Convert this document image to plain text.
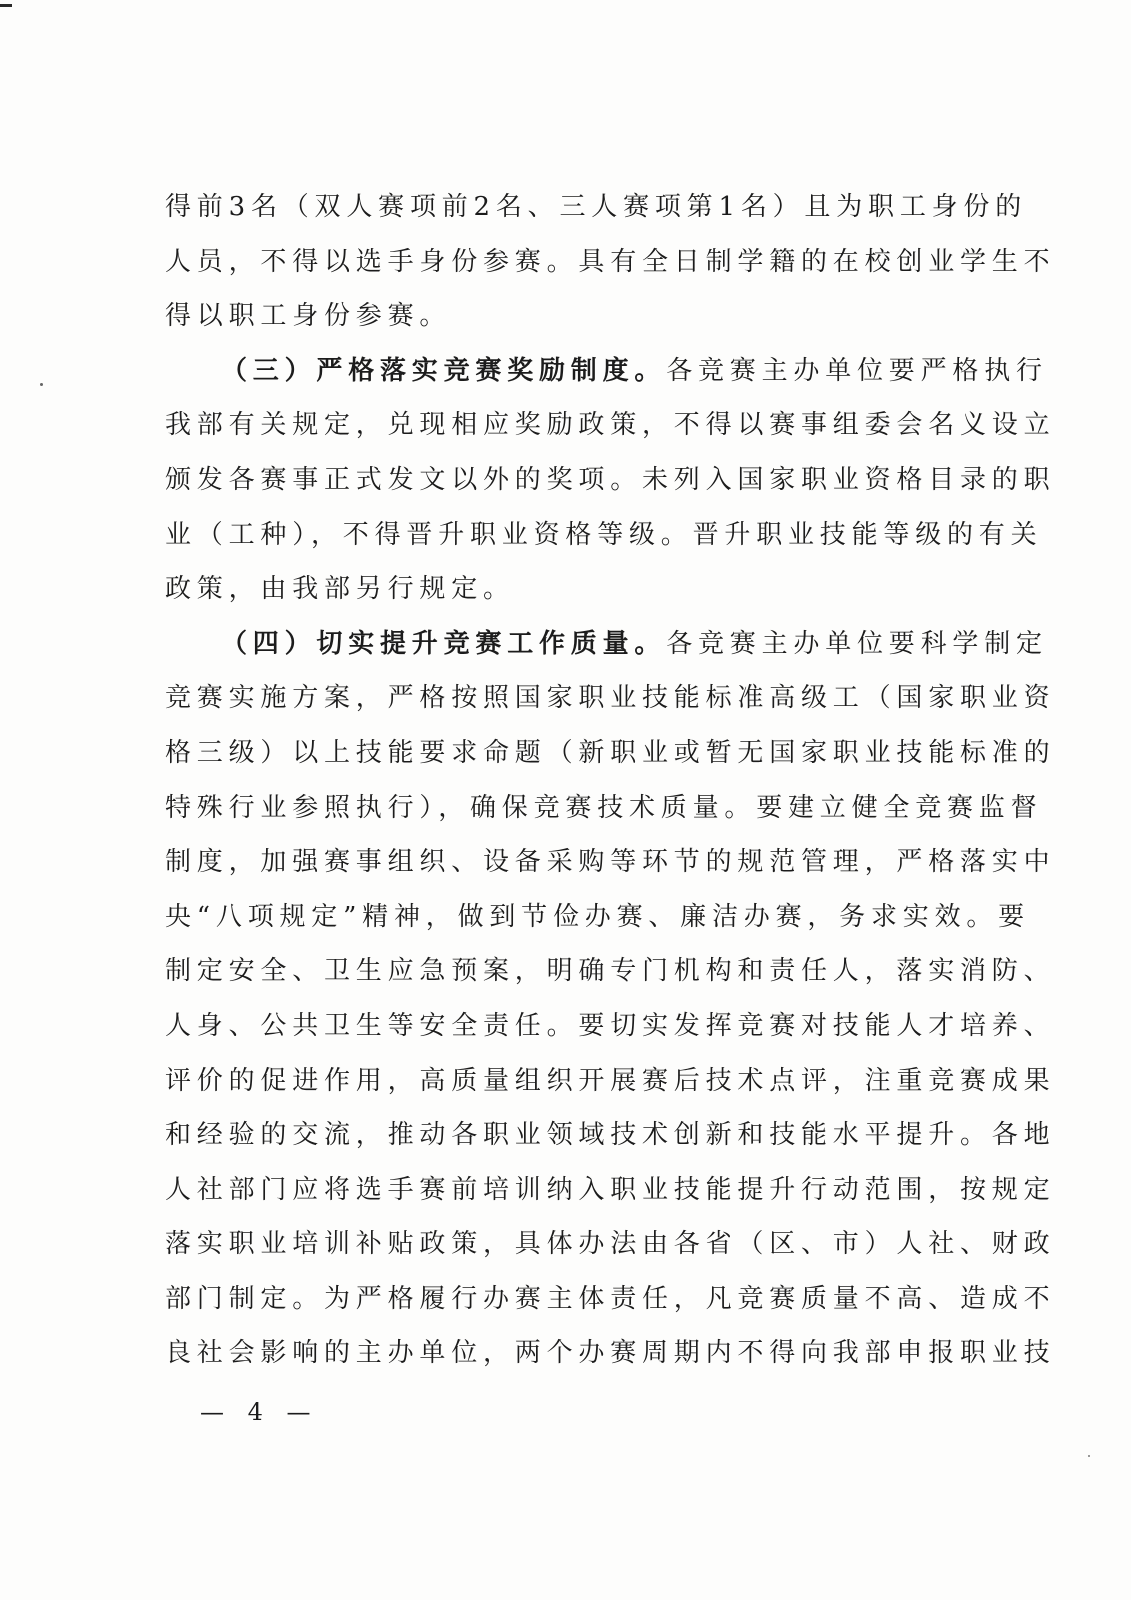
得前3名（双人赛项前2名、三人赛项第1名）且为职工身份的
人员，不得以选手身份参赛。具有全日制学籍的在校创业学生不
得以职工身份参赛。
（三）严格落实竞赛奖励制度。各竞赛主办单位要严格执行
我部有关规定，兑现相应奖励政策，不得以赛事组委会名义设立
颁发各赛事正式发文以外的奖项。未列入国家职业资格目录的职
业（工种），不得晋升职业资格等级。晋升职业技能等级的有关
政策，由我部另行规定。
（四）切实提升竞赛工作质量。各竞赛主办单位要科学制定
竞赛实施方案，严格按照国家职业技能标准高级工（国家职业资
格三级）以上技能要求命题（新职业或暂无国家职业技能标准的
特殊行业参照执行），确保竞赛技术质量。要建立健全竞赛监督
制度，加强赛事组织、设备采购等环节的规范管理，严格落实中
央“八项规定”精神，做到节俭办赛、廉洁办赛，务求实效。要
制定安全、卫生应急预案，明确专门机构和责任人，落实消防、
人身、公共卫生等安全责任。要切实发挥竞赛对技能人才培养、
评价的促进作用，高质量组织开展赛后技术点评，注重竞赛成果
和经验的交流，推动各职业领域技术创新和技能水平提升。各地
人社部门应将选手赛前培训纳入职业技能提升行动范围，按规定
落实职业培训补贴政策，具体办法由各省（区、市）人社、财政
部门制定。为严格履行办赛主体责任，凡竞赛质量不高、造成不
良社会影响的主办单位，两个办赛周期内不得向我部申报职业技
— 4 —
